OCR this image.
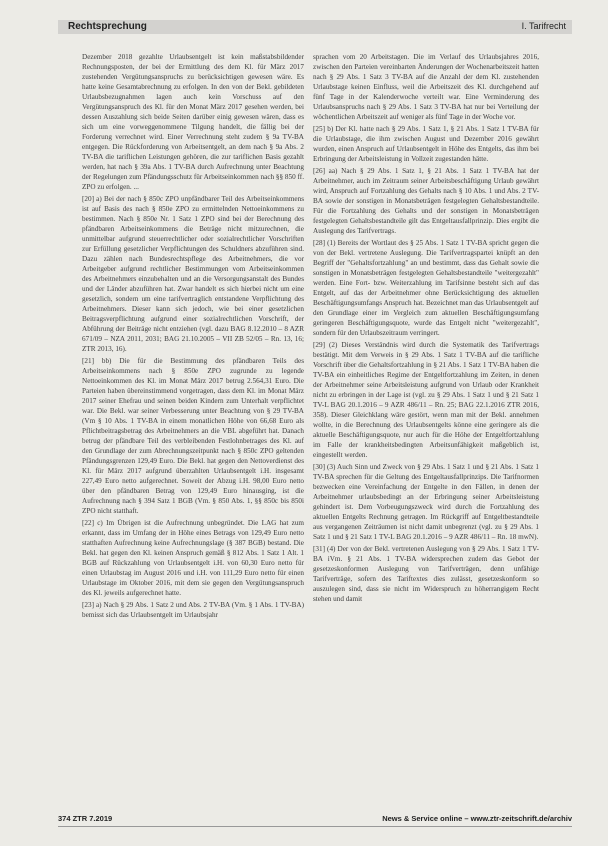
Rechtsprechung	I. Tarifrecht

Dezember 2018 gezahlte Urlaubsentgelt ist kein maßstabsbildender Rechnungsposten, der bei der Ermittlung des dem Kl. für März 2017 zustehenden Vergütungsanspruchs zu berücksichtigen gewesen wäre. Es hatte keine Gesamtabrechnung zu erfolgen. In den von der Bekl. gebildeten Urlaubsbezugnahmen lagen auch kein Vorschuss auf den Vergütungsanspruch des Kl. für den Monat März 2017 gesehen werden, bei dessen Auszahlung sich beide Seiten darüber einig gewesen wären, dass es sich um eine vorweggenommene Tilgung handelt, die fällig bei der Forderung verrechnet wird. Einer Verrechnung steht zudem § 9a TV-BA entgegen. Die Rückforderung von Arbeitsentgelt, an dem nach § 9a Abs. 2 TV-BA die tariflichen Leistungen gehören, die zur tariflichen Basis gezahlt werden, hat nach § 39a Abs. 1 TV-BA durch Aufrechnung unter Beachtung der Regelungen zum Pfändungsschutz für Arbeitseinkommen nach §§ 850 ff. ZPO zu erfolgen. ...

[20] a) Bei der nach § 850c ZPO unpfändbarer Teil des Arbeitseinkommens ist auf Basis des nach § 850e ZPO zu ermittelnden Nettoeinkommens zu bestimmen. Nach § 850e Nr. 1 Satz 1 ZPO sind bei der Berechnung des pfändbaren Arbeitseinkommens die Beträge nicht mitzurechnen, die unmittelbar aufgrund steuerrechtlicher oder sozialrechtlicher Vorschriften zur Erfüllung gesetzlicher Verpflichtungen des Schuldners abzuführen sind. Dazu zählen nach Bundesrechtspflege des Arbeitnehmers, die vor Arbeitgeber aufgrund rechtlicher Bestimmungen vom Arbeitseinkommen des Arbeitnehmers einzubehalten und an die Versorgungsanstalt des Bundes und der Länder abzuführen hat. Zwar handelt es sich hierbei nicht um eine gesetzlich, sondern um eine tarifvertraglich entstandene Verpflichtung des Arbeitnehmers. Dieser kann sich jedoch, wie bei einer gesetzlichen Beitragsverpflichtung aufgrund einer sozialrechtlichen Vorschrift, der Abführung der Beiträge nicht entziehen (vgl. dazu BAG 8.12.2010 – 8 AZR 671/09 – NZA 2011, 2031; BAG 21.10.2005 – VII ZB 52/05 – Rn. 13, 16; ZTR 2013, 16).

[21] bb) Die für die Bestimmung des pfändbaren Teils des Arbeitseinkommens nach § 850e ZPO zugrunde zu legende Nettoeinkommen des Kl. im Monat März 2017 betrug 2.564,31 Euro. Die Parteien haben übereinstimmend vorgetragen, dass dem Kl. im Monat März 2017 seiner Ehefrau und seinen beiden Kindern zum Unterhalt verpflichtet war. Die Bekl. war seiner Verbesserung unter Beachtung von § 29 TV-BA (Vm § 10 Abs. 1 TV-BA in einem monatlichen Höhe von 66,68 Euro als Pflichtbeitragsbetrag des Arbeitnehmers an die VBL abgeführt hat. Danach betrug der pfändbare Teil des verbleibenden Festlohnbetrages des Kl. auf den Grundlage der zum Abrechnungszeitpunkt nach § 850c ZPO geltenden Pfändungsgrenzen 129,49 Euro. Die Bekl. hat gegen den Nettoverdienst des Kl. für März 2017 aufgrund überzahlten Urlaubsentgelt i.H. insgesamt 227,49 Euro netto aufgerechnet. Soweit der Abzug i.H. 98,00 Euro netto über den pfändbaren Betrag von 129,49 Euro hinausging, ist die Aufrechnung nach § 394 Satz 1 BGB (Vm. § 850 Abs. 1, §§ 850c bis 850i ZPO nicht statthaft.

[22] c) Im Übrigen ist die Aufrechnung unbegründet. Die LAG hat zum erkannt, dass im Umfang der in Höhe eines Betrags von 129,49 Euro netto statthaften Aufrechnung keine Aufrechnungslage (§ 387 BGB) bestand. Die Bekl. hat gegen den Kl. keinen Anspruch gemäß § 812 Abs. 1 Satz 1 Alt. 1 BGB auf Rückzahlung von Urlaubsentgelt i.H. von 60,30 Euro netto für einen Urlaubstag im August 2016 und i.H. von 111,29 Euro netto für einen Urlaubstage im Oktober 2016, mit dem sie gegen den Vergütungsanspruch des Kl. jeweils aufgerechnet hatte.

[23] a) Nach § 29 Abs. 1 Satz 2 und Abs. 2 TV-BA (Vm. § 1 Abs. 1 TV-BA) bemisst sich das Urlaubsentgelt im Urlaubsjahr

sprachen vom 20 Arbeitstagen. Die im Verlauf des Urlaubsjahres 2016, zwischen den Parteien vereinbarten Änderungen der Wochenarbeitszeit hatten nach § 29 Abs. 1 Satz 3 TV-BA auf die Anzahl der dem Kl. zustehenden Urlaubstage keinen Einfluss, weil die Arbeitszeit des Kl. durchgehend auf fünf Tage in der Kalenderwoche verteilt war. Eine Verminderung des Urlaubsanspruchs nach § 29 Abs. 1 Satz 3 TV-BA hat nur bei Verteilung der wöchentlichen Arbeitszeit auf weniger als fünf Tage in der Woche vor.

[25] b) Der Kl. hatte nach § 29 Abs. 1 Satz 1, § 21 Abs. 1 Satz 1 TV-BA für die Urlaubstage, die ihm zwischen August und Dezember 2016 gewährt wurden, einen Anspruch auf Urlaubsentgelt in Höhe des Entgelts, das ihm bei Erbringung der Arbeitsleistung in Vollzeit zugestanden hätte.

[26] aa) Nach § 29 Abs. 1 Satz 1, § 21 Abs. 1 Satz 1 TV-BA hat der Arbeitnehmer, auch im Zeitraum seiner Arbeitsbeschäftigung Urlaub gewährt wird, Anspruch auf Fortzahlung des Gehalts nach § 10 Abs. 1 und Abs. 2 TV-BA sowie der sonstigen in Monatsbeträgen festgelegten Gehaltsbestandteile. Für die Fortzahlung des Gehalts und der sonstigen in Monatsbeträgen festgelegten Gehaltsbestandteile gilt das Entgeltausfallprinzip. Dies ergibt die Auslegung des Tarifvertrags.

[28] (1) Bereits der Wortlaut des § 25 Abs. 1 Satz 1 TV-BA spricht gegen die von der Bekl. vertretene Auslegung. Die Tarifvertragspartei knüpft an den Begriff der "Gehaltsfortzahlung" an und bestimmt, dass das Gehalt sowie die sonstigen in Monatsbeträgen festgelegten Gehaltsbestandteile "weitergezahlt" werden. Eine Fort- bzw. Weiterzahlung im Tarifsinne besteht sich auf das Entgelt, auf das der Arbeitnehmer ohne Berücksichtigung des aktuellen Beschäftigungsumfangs Anspruch hat. Bezeichnet man das Urlaubsentgelt auf den Grundlage einer im Vergleich zum aktuellen Beschäftigungsumfang geringeren Beschäftigungsquote, wurde das Entgelt nicht "weitergezahlt", sondern für den Urlaubszeitraum verringert.

[29] (2) Dieses Verständnis wird durch die Systematik des Tarifvertrags bestätigt. Mit dem Verweis in § 29 Abs. 1 Satz 1 TV-BA auf die tarifliche Vorschrift über die Gehaltsfortzahlung in § 21 Abs. 1 Satz 1 TV-BA haben die TV-BA ein einheitliches Regime der Entgeltfortzahlung im Zeiten, in denen der Arbeitnehmer seine Arbeitsleistung aufgrund von Urlaub oder Krankheit nicht zu erbringen in der Lage ist (vgl. zu § 29 Abs. 1 Satz 1 und § 21 Satz 1 TV-L BAG 20.1.2016 – 9 AZR 486/11 – Rn. 25; BAG 22.1.2016 ZTR 2016, 358). Dieser Gleichklang wäre gestört, wenn man mit der Bekl. annehmen wollte, in die Berechnung des Urlaubsentgelts könne eine geringere als die aktuelle Beschäftigungsquote, nur auch für die Höhe der Entgeltfortzahlung im Falle der krankheitsbedingten Arbeitsunfähigkeit maßgeblich ist, eingestellt werden.

[30] (3) Auch Sinn und Zweck von § 29 Abs. 1 Satz 1 und § 21 Abs. 1 Satz 1 TV-BA sprechen für die Geltung des Entgeltausfallprinzips. Die Tarifnormen bezwecken eine Vereinfachung der Entgelte in den Fällen, in denen der Arbeitnehmer urlaubsbedingt an der Erbringung seiner Arbeitsleistung gehindert ist. Dem Vorbeugungszweck wird durch die Fortzahlung des aktuellen Entgelts Rechnung getragen. Im Rückgriff auf Entgeltbestandteile aus vergangenen Zeiträumen ist nicht damit unbegrenzt (vgl. zu § 29 Abs. 1 Satz 1 und § 21 Satz 1 TV-L BAG 20.1.2016 – 9 AZR 486/11 – Rn. 18 mwN).

[31] (4) Der von der Bekl. vertretenen Auslegung von § 29 Abs. 1 Satz 1 TV-BA iVm. § 21 Abs. 1 TV-BA widersprechen zudem das Gebot der gesetzeskonformen Auslegung von Tarifverträgen, denn unfähige Tarifverträge, sofern des Tariftextes dies zulässt, gesetzeskonform so auszulegen sind, dass sie nicht im Widerspruch zu höherrangigem Recht stehen und damit

374 ZTR 7.2019	News & Service online – www.ztr-zeitschrift.de/archiv
